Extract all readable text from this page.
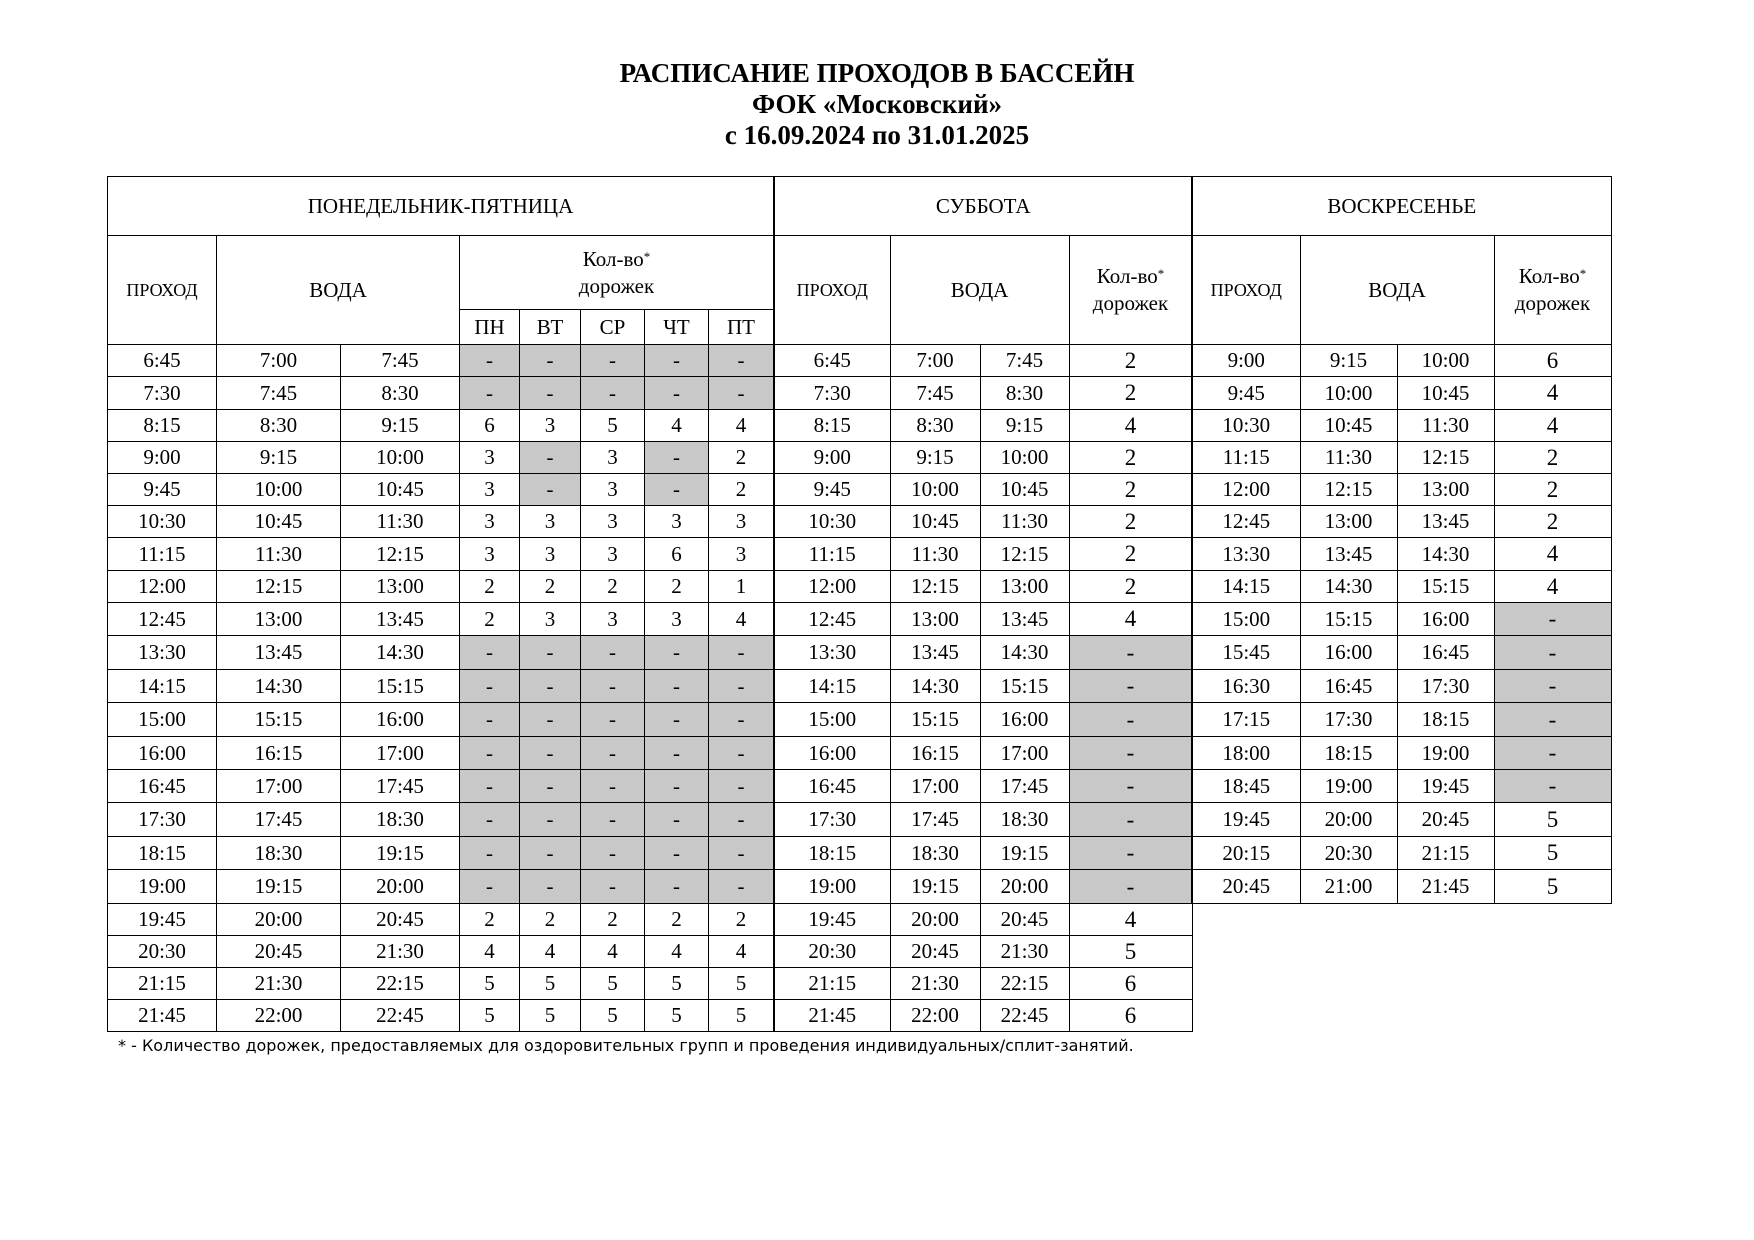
РАСПИСАНИЕ ПРОХОДОВ В БАССЕЙН
ФОК «Московский»
с 16.09.2024 по 31.01.2025
ПОНЕДЕЛЬНИК-ПЯТНИЦА							
ПРОХОД	ВОДА		Кол-во*
дорожек				
			ПН	ВТ	СР	ЧТ	ПТ
6:45	7:00	7:45	-	-	-	-	-
7:30	7:45	8:30	-	-	-	-	-
8:15	8:30	9:15	6	3	5	4	4
9:00	9:15	10:00	3	-	3	-	2
9:45	10:00	10:45	3	-	3	-	2
10:30	10:45	11:30	3	3	3	3	3
11:15	11:30	12:15	3	3	3	6	3
12:00	12:15	13:00	2	2	2	2	1
12:45	13:00	13:45	2	3	3	3	4
13:30	13:45	14:30	-	-	-	-	-
14:15	14:30	15:15	-	-	-	-	-
15:00	15:15	16:00	-	-	-	-	-
16:00	16:15	17:00	-	-	-	-	-
16:45	17:00	17:45	-	-	-	-	-
17:30	17:45	18:30	-	-	-	-	-
18:15	18:30	19:15	-	-	-	-	-
19:00	19:15	20:00	-	-	-	-	-
19:45	20:00	20:45	2	2	2	2	2
20:30	20:45	21:30	4	4	4	4	4
21:15	21:30	22:15	5	5	5	5	5
21:45	22:00	22:45	5	5	5	5	5
СУББОТА			
ПРОХОД	ВОДА		Кол-во*
дорожек
6:45	7:00	7:45	2
7:30	7:45	8:30	2
8:15	8:30	9:15	4
9:00	9:15	10:00	2
9:45	10:00	10:45	2
10:30	10:45	11:30	2
11:15	11:30	12:15	2
12:00	12:15	13:00	2
12:45	13:00	13:45	4
13:30	13:45	14:30	-
14:15	14:30	15:15	-
15:00	15:15	16:00	-
16:00	16:15	17:00	-
16:45	17:00	17:45	-
17:30	17:45	18:30	-
18:15	18:30	19:15	-
19:00	19:15	20:00	-
19:45	20:00	20:45	4
20:30	20:45	21:30	5
21:15	21:30	22:15	6
21:45	22:00	22:45	6
ВОСКРЕСЕНЬЕ			
ПРОХОД	ВОДА		Кол-во*
дорожек
9:00	9:15	10:00	6
9:45	10:00	10:45	4
10:30	10:45	11:30	4
11:15	11:30	12:15	2
12:00	12:15	13:00	2
12:45	13:00	13:45	2
13:30	13:45	14:30	4
14:15	14:30	15:15	4
15:00	15:15	16:00	-
15:45	16:00	16:45	-
16:30	16:45	17:30	-
17:15	17:30	18:15	-
18:00	18:15	19:00	-
18:45	19:00	19:45	-
19:45	20:00	20:45	5
20:15	20:30	21:15	5
20:45	21:00	21:45	5
* - Количество дорожек, предоставляемых для оздоровительных групп и проведения индивидуальных/сплит-занятий.
